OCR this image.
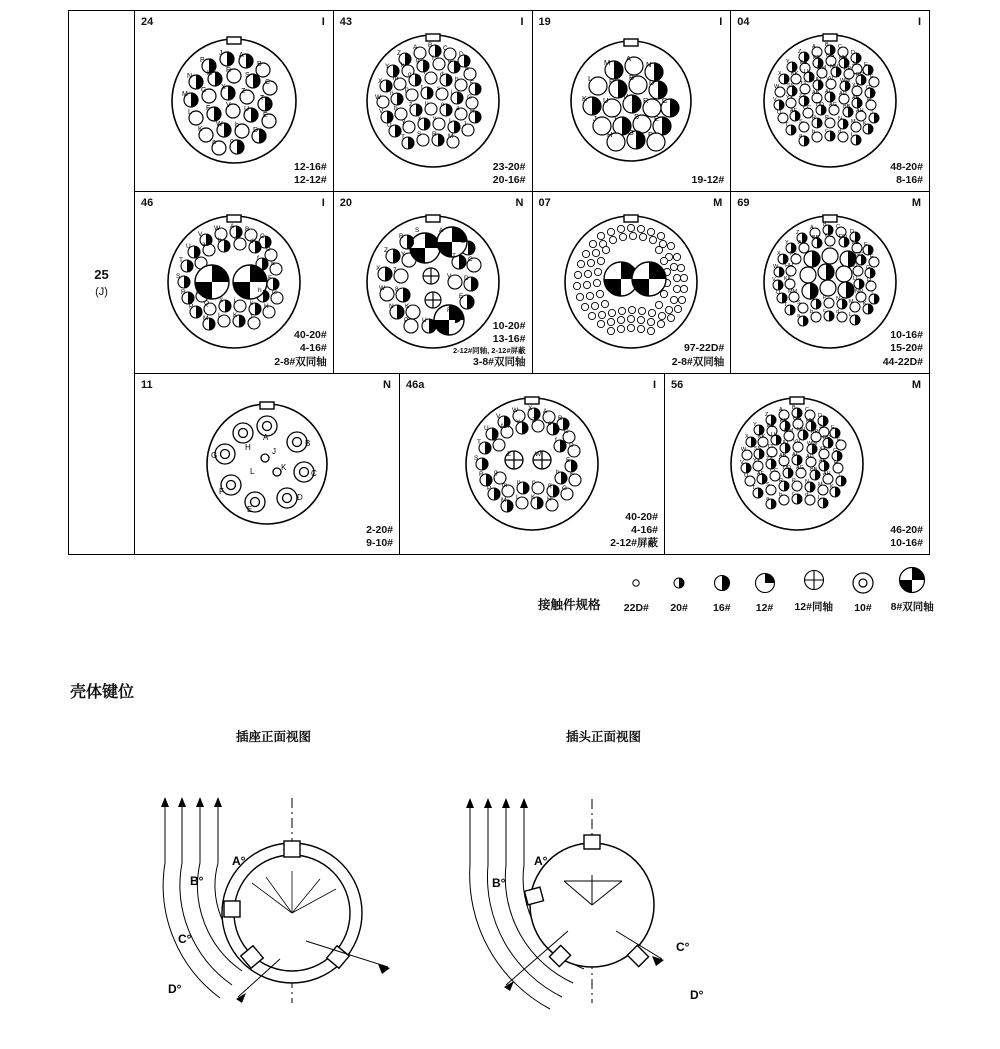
25
(J)
24	I
P
J A
B
N H R
S
C
M
G X
Z
T
L
F V
U
E
K
W b
D
a c
12-16#
12-12#
43	I
Z
A B C
D
Y k
g f e
E
X m
q r d
h
F
W
n
p t s
j
G
V b
z u c
a H
U
y x v L J
T S R M
23-20#
20-16#
19	I
M A
N
L P B
D
K U V R C
J T S E
H G F
19-12#
04	I
Z
A B C
D
Y EE
FF GG HH
JJ E
X KK LL
MM NN PP
RR F
W SS TT
UU VV WW
XX G
V YY ZZ AB AC AD
AE H
U AF CC DD AG BB
AH J
T S
R P N M K
a
b c d L
48-20#
8-16#
46	I
V
W A B
C
U a
b c d
D
T e	f
E
S	F
R g	h G
P Q X j k H
M L K J
40-20#
4-16#
2-8#双同轴
20	N
R
S	A
B
Z
Y	T C
X 7
V D
W 8
E
N K
F
P U	10-20#
13-16#
2-12#同轴, 2-12#屏蔽
3-8#双同轴
07	M
97-22D#
2-8#双同轴
69	M
Z
A B C
D
Y AA
BB CC DD
EE E
X FF	GG F
W HH	JJ G
V KK	LL H
U MM	NN J
T S
R P N M K
a
b c d L
10-16#
15-20#
44-22D#
11	N
A
B
C
D
E
F
G
H	J
K
L
2-20#
9-10#
46a	I
V
W X A
B
U AA
Y Z c
C
T e	f
D
S	E
R g	h F
P m n p q G
M L K H
Z	W
40-20#
4-16#
2-12#屏蔽
56	M
Z
A B C
D
Y EE
FF GG HH
JJ E
X KK LL
MM NN PP
RR F
W SS TT
UU VV WW
XX G
V YY ZZ AB AC AD
AE H
U AF CC DD AG BB
AH J
T S
R P N M K
a
b c d L
46-20#
10-16#
接触件规格	22D#	20#	16#	12#	12#同轴	10#	8#双同轴
壳体键位
插座正面视图	插头正面视图
A°
B°
C°
D°
A°
B°
C°
D°
